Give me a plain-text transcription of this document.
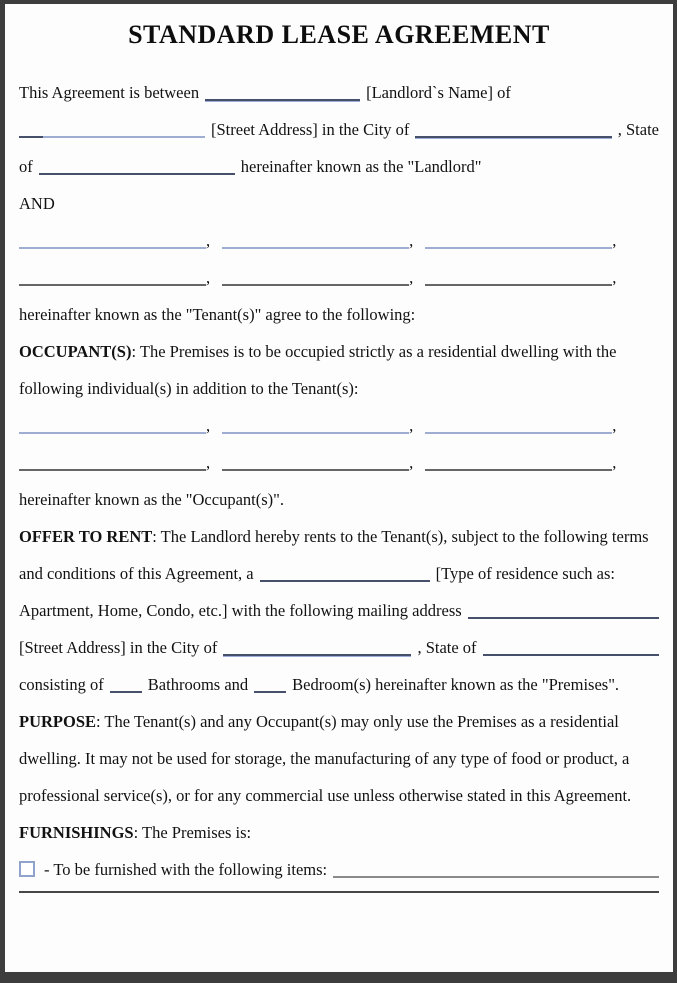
STANDARD LEASE AGREEMENT
This Agreement is between	[Landlord`s Name] of
[Street Address] in the City of	, State
of	hereinafter known as the "Landlord"
AND
,	,	,
,	,	,
hereinafter known as the "Tenant(s)" agree to the following:

OCCUPANT(S): The Premises is to be occupied strictly as a residential dwelling with the following individual(s) in addition to the Tenant(s):

,	,	,
,	,	,
hereinafter known as the "Occupant(s)".
OFFER TO RENT : The Landlord hereby rents to the Tenant(s), subject to the following terms
and conditions of this Agreement, a	[Type of residence such as:
Apartment, Home, Condo, etc.] with the following mailing address
[Street Address] in the City of	, State of
consisting of	Bathrooms and	Bedroom(s) hereinafter known as the "Premises".

PURPOSE: The Tenant(s) and any Occupant(s) may only use the Premises as a residential dwelling. It may not be used for storage, the manufacturing of any type of food or product, a professional service(s), or for any commercial use unless otherwise stated in this Agreement.

FURNISHINGS : The Premises is:
- To be furnished with the following items:
